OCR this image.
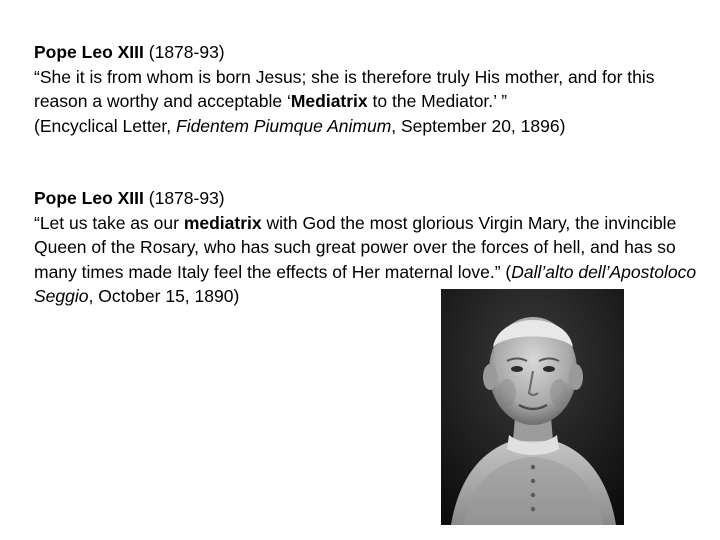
Pope Leo XIII (1878-93)

“She it is from whom is born Jesus; she is therefore truly His mother, and for this reason a worthy and acceptable ‘Mediatrix to the Mediator.’ ”

(Encyclical Letter, Fidentem Piumque Animum, September 20, 1896)

Pope Leo XIII (1878-93)

“Let us take as our mediatrix with God the most glorious Virgin Mary, the invincible Queen of the Rosary, who has such great power over the forces of hell, and has so many times made Italy feel the effects of Her maternal love.” (Dall’alto dell’Apostoloco Seggio, October 15, 1890)
